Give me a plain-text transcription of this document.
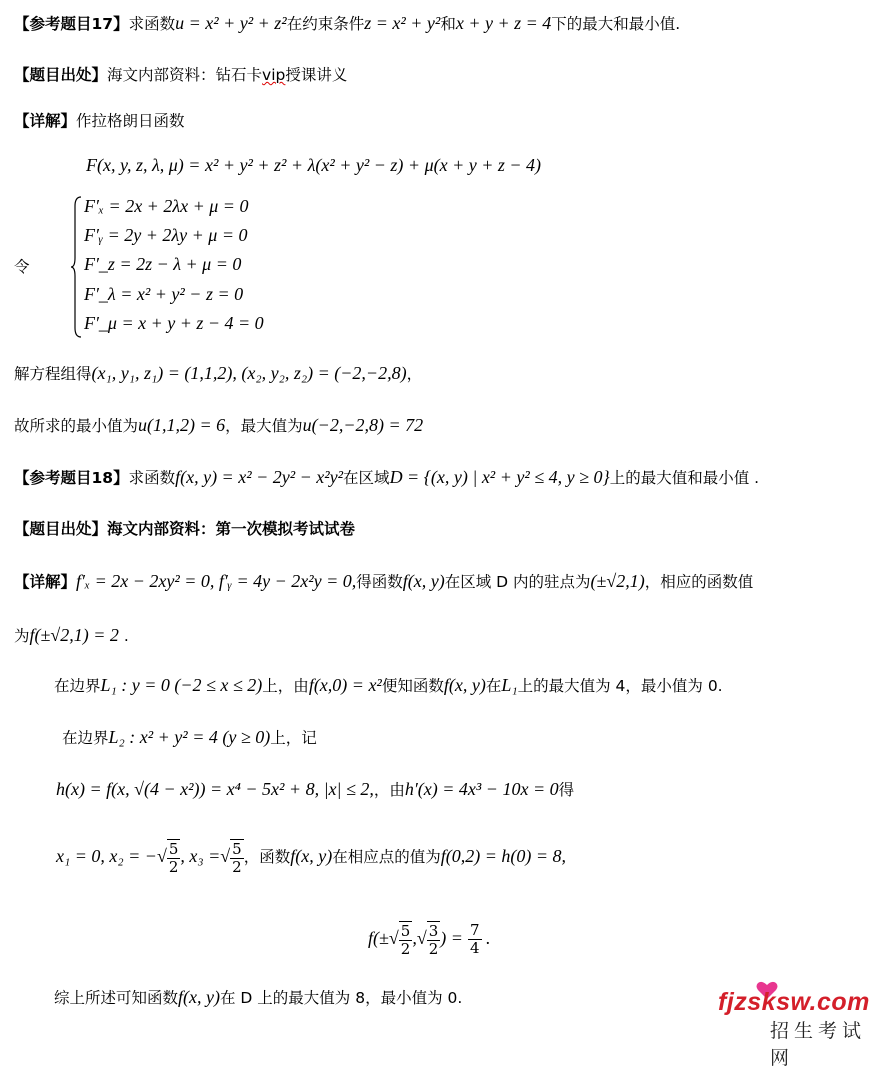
【参考题目17】求函数u = x² + y² + z²在约束条件z = x² + y²和x + y + z = 4下的最大和最小值.
【题目出处】海文内部资料：钻石卡vip授课讲义
【详解】作拉格朗日函数
F(x, y, z, λ, μ) = x² + y² + z² + λ(x² + y² − z) + μ(x + y + z − 4)
令
F′ₓ = 2x + 2λx + μ = 0
F′ᵧ = 2y + 2λy + μ = 0
F′_z = 2z − λ + μ = 0
F′_λ = x² + y² − z = 0
F′_μ = x + y + z − 4 = 0
解方程组得(x₁, y₁, z₁) = (1,1,2), (x₂, y₂, z₂) = (−2,−2,8)，
故所求的最小值为u(1,1,2) = 6，最大值为u(−2,−2,8) = 72
【参考题目18】求函数f(x, y) = x² − 2y² − x²y²在区域D = {(x, y) | x² + y² ≤ 4, y ≥ 0}上的最大值和最小值 .
【题目出处】海文内部资料：第一次模拟考试试卷
【详解】f′ₓ = 2x − 2xy² = 0, f′ᵧ = 4y − 2x²y = 0,得函数f(x, y)在区域 D 内的驻点为(±√2,1)，相应的函数值
为f(±√2,1) = 2 .
在边界L₁ : y = 0 (−2 ≤ x ≤ 2)上，由f(x,0) = x²便知函数f(x, y)在L₁上的最大值为 4，最小值为 0.
在边界L₂ : x² + y² = 4 (y ≥ 0)上，记
h(x) = f(x, √(4 − x²)) = x⁴ − 5x² + 8, |x| ≤ 2,，由h′(x) = 4x³ − 10x = 0得
x₁ = 0, x₂ = −√ $\frac{5}{2}$ , x₃ =√ $\frac{5}{2}$ ，函数f(x, y)在相应点的值为f(0,2) = h(0) = 8,
$f(\pm√ \frac{5}{2}$ ,√ $\frac{3}{2}$ ) = $\frac{7}{4}$ .
综上所述可知函数f(x, y)在 D 上的最大值为 8，最小值为 0.	fjzsksw.com
招生考试网
